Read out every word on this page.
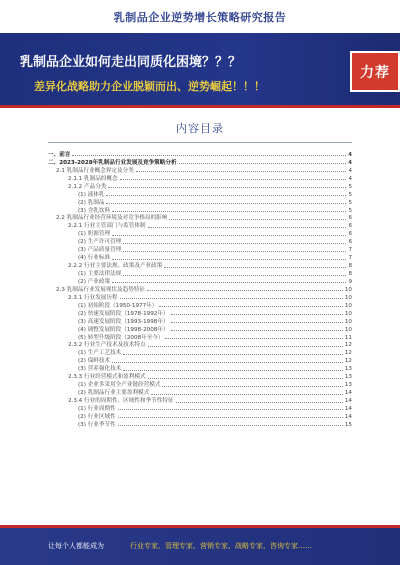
乳制品企业逆势增长策略研究报告
乳制品企业如何走出同质化困境？？？
差异化战略助力企业脱颖而出、逆势崛起！！！
力荐
内容目录
一、前言	4
二、2023-2028年乳制品行业发展及竞争策略分析	4
2.1 乳制品行业概念界定及分类	4
2.1.1 乳制品的概念	4
2.1.2 产品分类	5
(1) 液体乳	5
(2) 乳制品	5
(3) 含乳饮料	5
2.2 乳制品行业经营环境及对竞争格局的影响	6
2.2.1 行业主管部门与监管体制	6
(1) 奶源管理	6
(2) 生产许可管理	6
(3) 产品质量管理	7
(4) 行业标准	7
2.2.2 行业主要法规、政策及产业政策	8
(1) 主要法律法规	8
(2) 产业政策	9
2.3 乳制品行业发展现状及趋势特征	10
2.3.1 行业发展历程	10
(1) 初始阶段（1950-1977年）	10
(2) 快速发展阶段（1978-1992年）	10
(3) 高速发展阶段（1993-1998年）	10
(4) 调整发展阶段（1998-2008年）	10
(5) 转型升级阶段（2008年至今）	11
2.3.2 行业生产技术及技术特点	12
(1) 生产工艺技术	12
(2) 保鲜技术	12
(3) 营养强化技术	13
2.3.3 行业经营模式和盈利模式	13
(1) 企业多采用全产业链经营模式	13
(2) 乳制品行业主要盈利模式	14
2.3.4 行业的周期性、区域性和季节性特征	14
(1) 行业周期性	14
(2) 行业区域性	14
(3) 行业季节性	15
让每个人都能成为	行业专家、管理专家、营销专家、战略专家、咨询专家……
